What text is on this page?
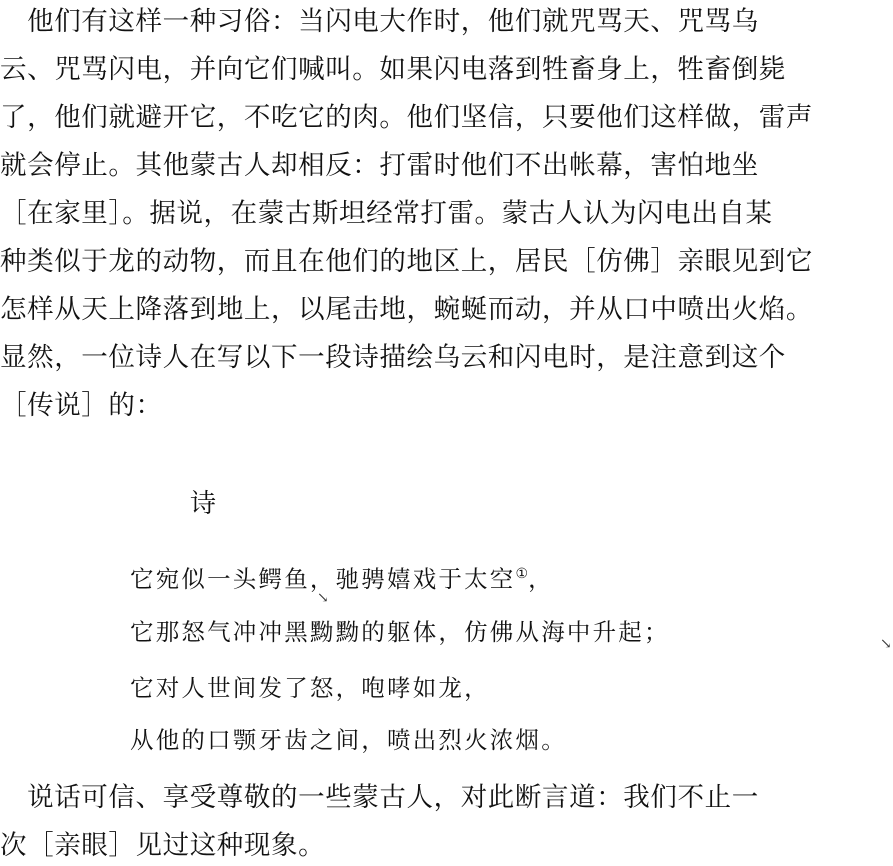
　他们有这样一种习俗：当闪电大作时，他们就咒骂天、咒骂乌
云、咒骂闪电，并向它们喊叫。如果闪电落到牲畜身上，牲畜倒毙
了，他们就避开它，不吃它的肉。他们坚信，只要他们这样做，雷声
就会停止。其他蒙古人却相反：打雷时他们不出帐幕，害怕地坐
［在家里］。据说，在蒙古斯坦经常打雷。蒙古人认为闪电出自某
种类似于龙的动物，而且在他们的地区上，居民［仿佛］亲眼见到它
怎样从天上降落到地上，以尾击地，蜿蜒而动，并从口中喷出火焰。
显然，一位诗人在写以下一段诗描绘乌云和闪电时，是注意到这个
［传说］的：
诗
它宛似一头鳄鱼，驰骋嬉戏于太空①，
它那怒气冲冲黑黝黝的躯体，仿佛从海中升起；
它对人世间发了怒，咆哮如龙，
从他的口颚牙齿之间，喷出烈火浓烟。
　说话可信、享受尊敬的一些蒙古人，对此断言道：我们不止一
次［亲眼］见过这种现象。
↘
↘
